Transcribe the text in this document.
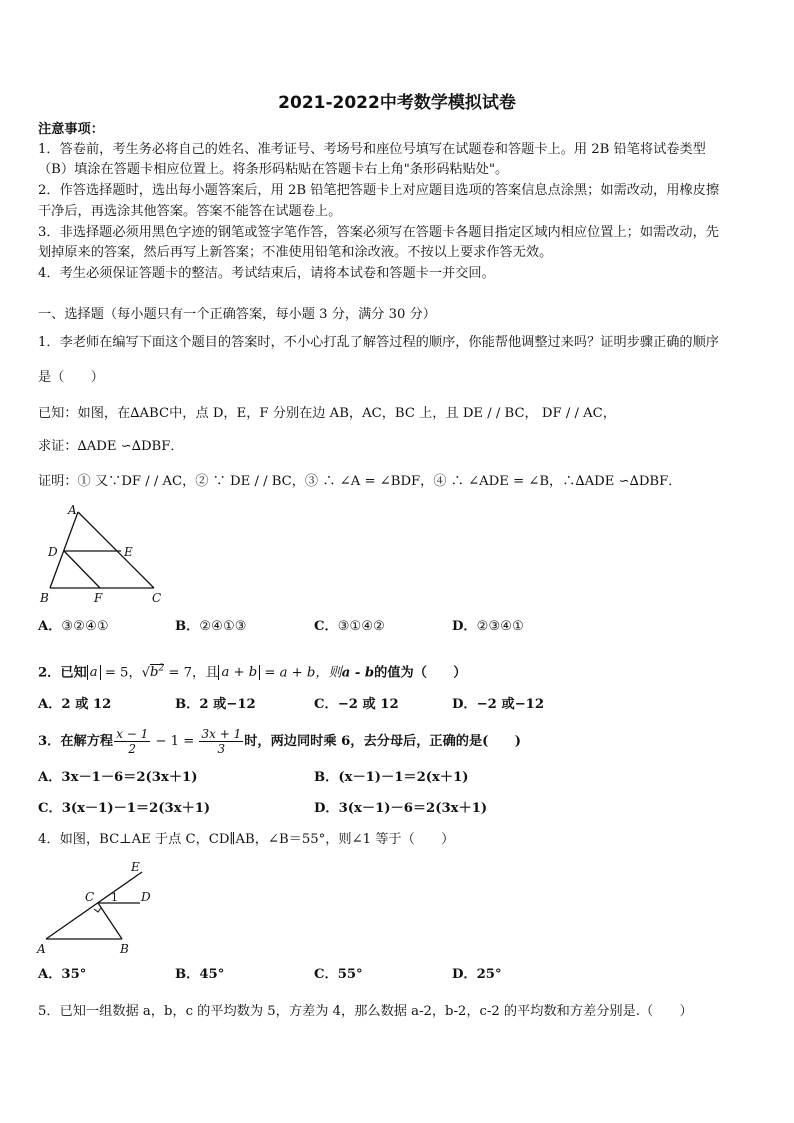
2021-2022中考数学模拟试卷
注意事项：
1．答卷前，考生务必将自己的姓名、准考证号、考场号和座位号填写在试题卷和答题卡上。用 2B 铅笔将试卷类型
（B）填涂在答题卡相应位置上。将条形码粘贴在答题卡右上角"条形码粘贴处"。
2．作答选择题时，选出每小题答案后，用 2B 铅笔把答题卡上对应题目选项的答案信息点涂黑；如需改动，用橡皮擦
干净后，再选涂其他答案。答案不能答在试题卷上。
3．非选择题必须用黑色字迹的钢笔或签字笔作答，答案必须写在答题卡各题目指定区域内相应位置上；如需改动，先
划掉原来的答案，然后再写上新答案；不准使用铅笔和涂改液。不按以上要求作答无效。
4．考生必须保证答题卡的整洁。考试结束后，请将本试卷和答题卡一并交回。
一、选择题（每小题只有一个正确答案，每小题 3 分，满分 30 分）
1．李老师在编写下面这个题目的答案时，不小心打乱了解答过程的顺序，你能帮他调整过来吗？证明步骤正确的顺序
是（　　）
已知：如图，在∆ABC中，点 D，E，F 分别在边 AB，AC，BC 上，且 DE / / BC， DF / / AC，
求证：∆ADE ∽∆DBF．
证明：① 又∵DF / / AC，② ∵ DE / / BC，③ ∴ ∠A = ∠BDF，④ ∴ ∠ADE = ∠B，∴∆ADE ∽∆DBF．
A
D	E
B	F	C
A．③②④①	B．②④①③	C．③①④②	D．②③④①
2．已知 a = 5，$√b^2 = 7$，且 a + b = a + b，则a - b的值为（　　）
A．2 或 12	B．2 或−12	C．−2 或 12	D．−2 或−12
3．在解方程 $\frac{x - 1}{2} - 1 = \frac{3x + 1}{3}$ 时，两边同时乘 6，去分母后，正确的是(　　)
A．3x－1－6＝2(3x＋1)	B．(x－1)－1＝2(x＋1)
C．3(x－1)－1＝2(3x＋1)	D．3(x－1)－6＝2(3x＋1)
4．如图，BC⊥AE 于点 C，CD∥AB，∠B＝55°，则∠1 等于（　　）
E
C 1 D
A	B
A．35°	B．45°	C．55°	D．25°
5．已知一组数据 a，b，c 的平均数为 5，方差为 4，那么数据 a-2，b-2，c-2 的平均数和方差分别是.（　　）
